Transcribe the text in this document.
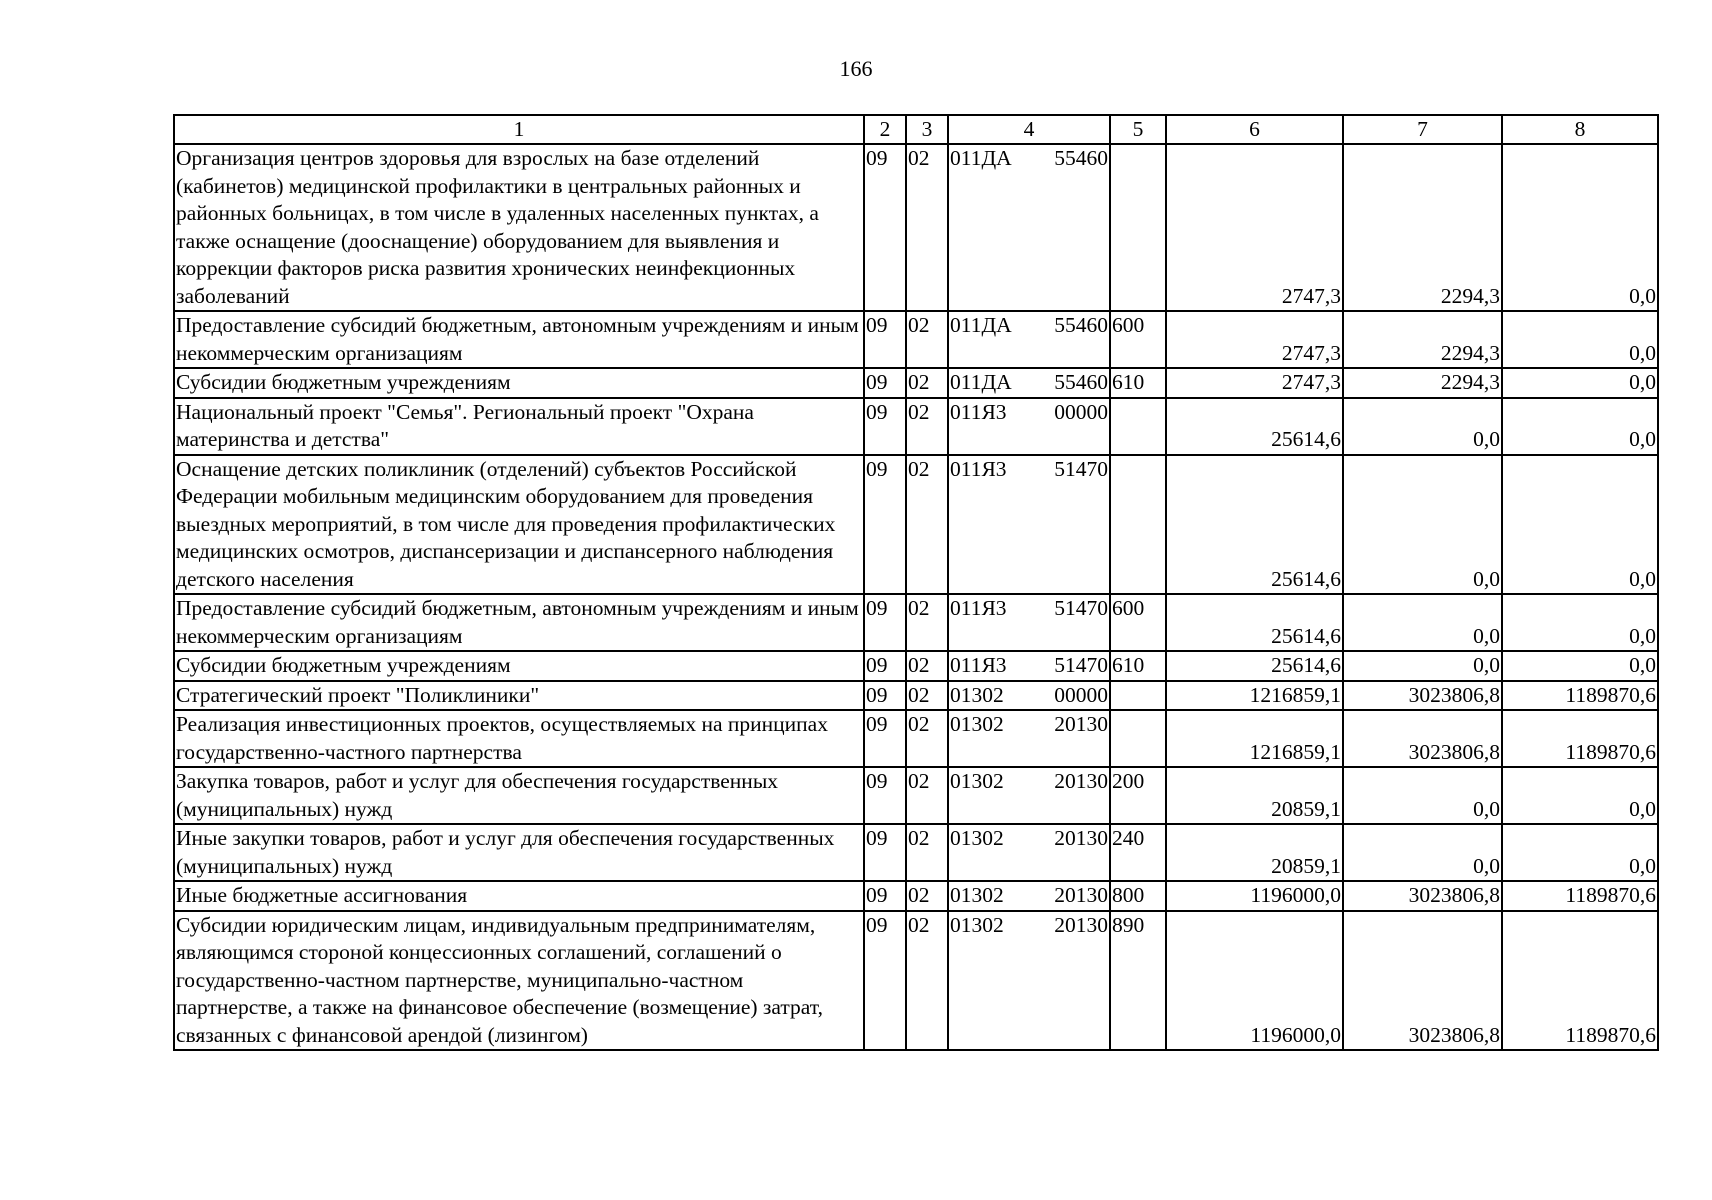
166
1	2	3	4	5	6	7	8
Организация центров здоровья для взрослых на базе отделений (кабинетов) медицинской профилактики в центральных районных и районных больницах, в том числе в удаленных населенных пунктах, а также оснащение (дооснащение) оборудованием для выявления и коррекции факторов риска развития хронических неинфекционных заболеваний	09	02	011ДА 55460		2747,3	2294,3	0,0
Предоставление субсидий бюджетным, автономным учреждениям и иным некоммерческим организациям	09	02	011ДА 55460	600	2747,3	2294,3	0,0
Субсидии бюджетным учреждениям	09	02	011ДА 55460	610	2747,3	2294,3	0,0
Национальный проект "Семья". Региональный проект "Охрана материнства и детства"	09	02	011Я3 00000		25614,6	0,0	0,0
Оснащение детских поликлиник (отделений) субъектов Российской Федерации мобильным медицинским оборудованием для проведения выездных мероприятий, в том числе для проведения профилактических медицинских осмотров, диспансеризации и диспансерного наблюдения детского населения	09	02	011Я3 51470		25614,6	0,0	0,0
Предоставление субсидий бюджетным, автономным учреждениям и иным некоммерческим организациям	09	02	011Я3 51470	600	25614,6	0,0	0,0
Субсидии бюджетным учреждениям	09	02	011Я3 51470	610	25614,6	0,0	0,0
Стратегический проект "Поликлиники"	09	02	01302 00000		1216859,1	3023806,8	1189870,6
Реализация инвестиционных проектов, осуществляемых на принципах государственно-частного партнерства	09	02	01302 20130		1216859,1	3023806,8	1189870,6
Закупка товаров, работ и услуг для обеспечения государственных (муниципальных) нужд	09	02	01302 20130	200	20859,1	0,0	0,0
Иные закупки товаров, работ и услуг для обеспечения государственных (муниципальных) нужд	09	02	01302 20130	240	20859,1	0,0	0,0
Иные бюджетные ассигнования	09	02	01302 20130	800	1196000,0	3023806,8	1189870,6
Субсидии юридическим лицам, индивидуальным предпринимателям, являющимся стороной концессионных соглашений, соглашений о государственно-частном партнерстве, муниципально-частном партнерстве, а также на финансовое обеспечение (возмещение) затрат, связанных с финансовой арендой (лизингом)	09	02	01302 20130	890	1196000,0	3023806,8	1189870,6
